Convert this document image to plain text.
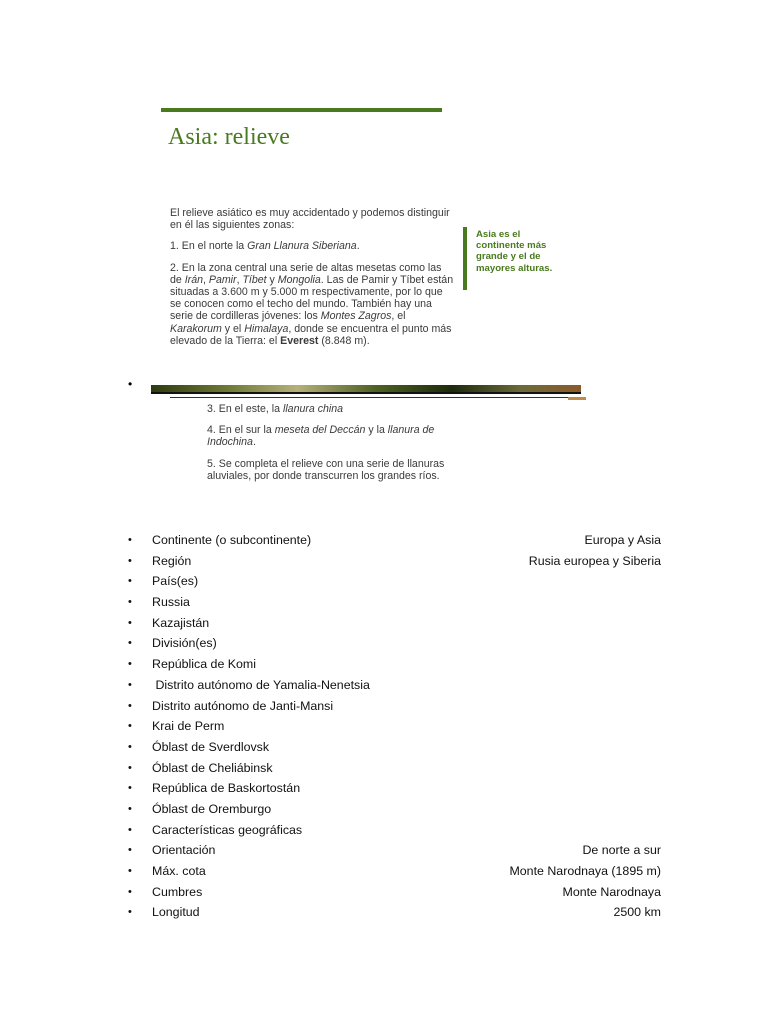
Asia: relieve

El relieve asiático es muy accidentado y podemos distinguir en él las siguientes zonas:

1. En el norte la Gran Llanura Siberiana.

2. En la zona central una serie de altas mesetas como las de Irán, Pamir, Tíbet y Mongolia. Las de Pamir y Tíbet están situadas a 3.600 m y 5.000 m respectivamente, por lo que se conocen como el techo del mundo. También hay una serie de cordilleras jóvenes: los Montes Zagros, el Karakorum y el Himalaya, donde se encuentra el punto más elevado de la Tierra: el Everest (8.848 m).

Asia es el continente más grande y el de mayores alturas.
•

3. En el este, la llanura china

4. En el sur la meseta del Deccán y la llanura de Indochina.

5. Se completa el relieve con una serie de llanuras aluviales, por donde transcurren los grandes ríos.

• Continente (o subcontinente)	Europa y Asia
• Región	Rusia europea y Siberia
• País(es)
• Russia
• Kazajistán
• División(es)
• República de Komi
• Distrito autónomo de Yamalia-Nenetsia
• Distrito autónomo de Janti-Mansi
• Krai de Perm
• Óblast de Sverdlovsk
• Óblast de Cheliábinsk
• República de Baskortostán
• Óblast de Oremburgo
• Características geográficas
• Orientación	De norte a sur
• Máx. cota	Monte Narodnaya (1895 m)
• Cumbres	Monte Narodnaya
• Longitud	2500 km
